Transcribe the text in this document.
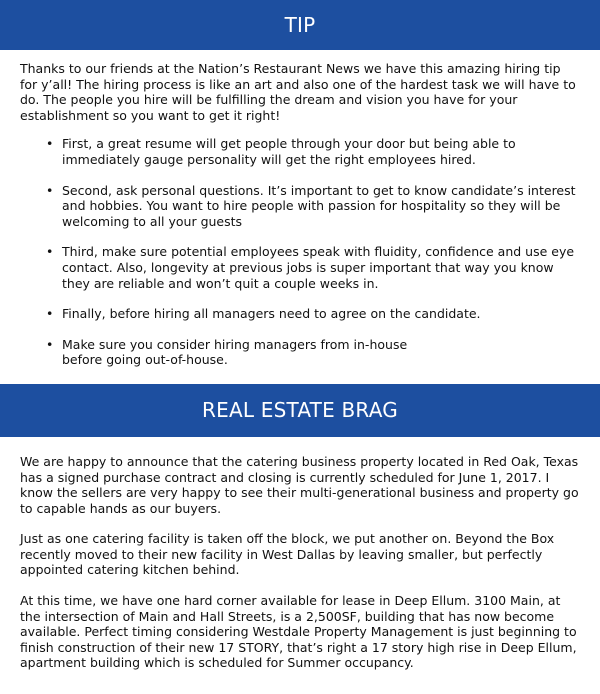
TIP

Thanks to our friends at the Nation’s Restaurant News we have this amazing hiring tip for y’all! The hiring process is like an art and also one of the hardest task we will have to do. The people you hire will be fulfilling the dream and vision you have for your establishment so you want to get it right!

• First, a great resume will get people through your door but being able to immediately gauge personality will get the right employees hired.
• Second, ask personal questions. It’s important to get to know candidate’s interest and hobbies. You want to hire people with passion for hospitality so they will be welcoming to all your guests
• Third, make sure potential employees speak with fluidity, confidence and use eye contact. Also, longevity at previous jobs is super important that way you know they are reliable and won’t quit a couple weeks in.
• Finally, before hiring all managers need to agree on the candidate.
• Make sure you consider hiring managers from in-house before going out-of-house.
REAL ESTATE BRAG

We are happy to announce that the catering business property located in Red Oak, Texas has a signed purchase contract and closing is currently scheduled for June 1, 2017. I know the sellers are very happy to see their multi-generational business and property go to capable hands as our buyers.

Just as one catering facility is taken off the block, we put another on. Beyond the Box recently moved to their new facility in West Dallas by leaving smaller, but perfectly appointed catering kitchen behind.

At this time, we have one hard corner available for lease in Deep Ellum. 3100 Main, at the intersection of Main and Hall Streets, is a 2,500SF, building that has now become available. Perfect timing considering Westdale Property Management is just beginning to finish construction of their new 17 STORY, that’s right a 17 story high rise in Deep Ellum, apartment building which is scheduled for Summer occupancy.
